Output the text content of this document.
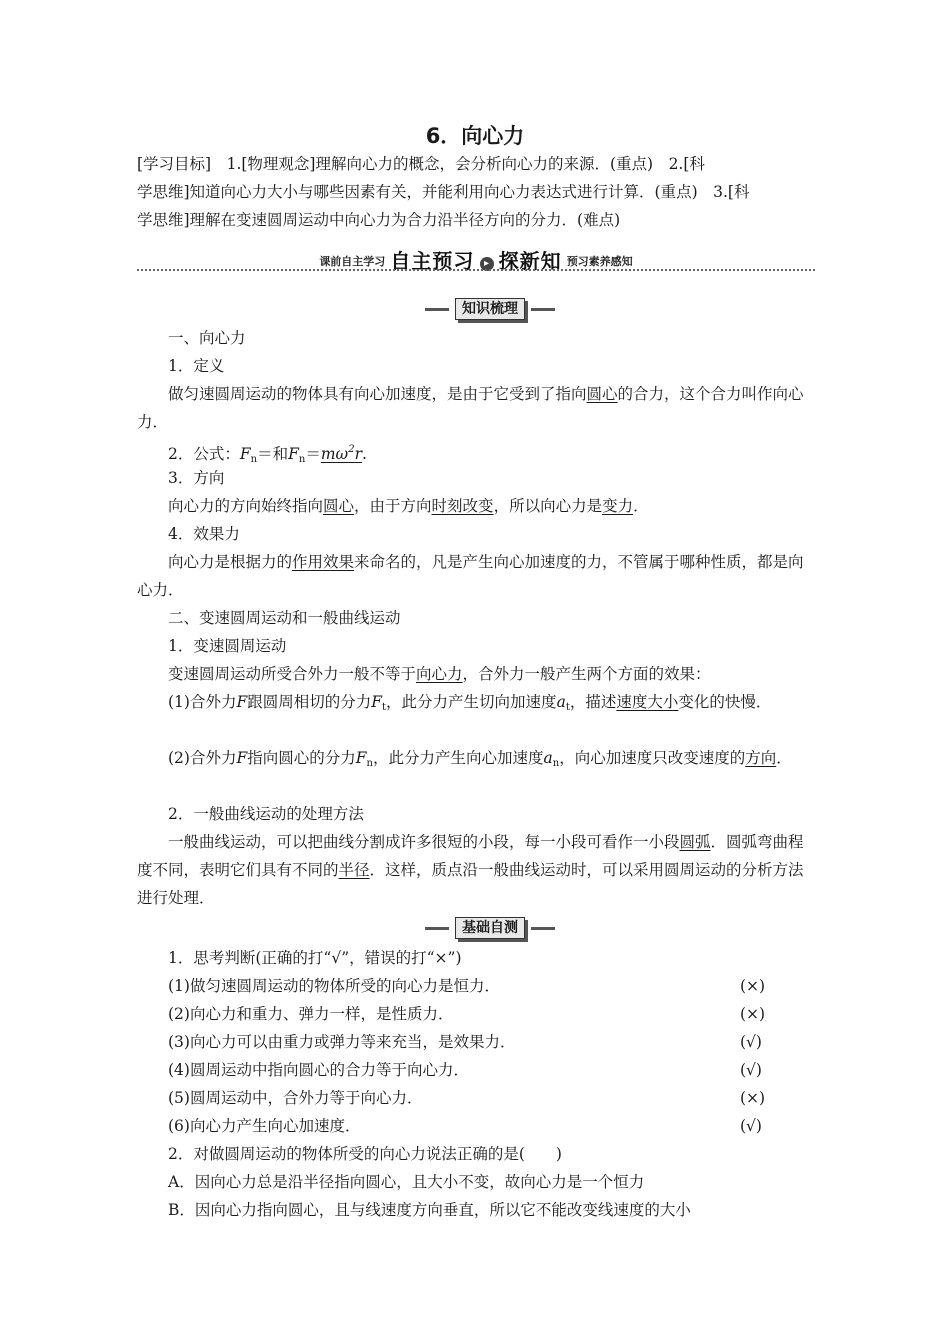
6．向心力
[学习目标]　1.[物理观念]理解向心力的概念，会分析向心力的来源．(重点)　2.[科
学思维]知道向心力大小与哪些因素有关，并能利用向心力表达式进行计算．(重点)　3.[科
学思维]理解在变速圆周运动中向心力为合力沿半径方向的分力．(难点)
课前自主学习 自主预习 ▸ 探新知 预习素养感知
知识梳理
一、向心力
1．定义

做匀速圆周运动的物体具有向心加速度，是由于它受到了指向圆心的合力，这个合力叫作向心力．

2．公式：$F_n=$和$F_n=m\omega^2r$.

3．方向

向心力的方向始终指向圆心，由于方向时刻改变，所以向心力是变力．

4．效果力

向心力是根据力的作用效果来命名的，凡是产生向心加速度的力，不管属于哪种性质，都是向心力．

二、变速圆周运动和一般曲线运动
1．变速圆周运动

变速圆周运动所受合外力一般不等于向心力，合外力一般产生两个方面的效果：

(1)合外力F跟圆周相切的分力$F_t$，此分力产生切向加速度$a_t$，描述速度大小变化的快慢．

(2)合外力F指向圆心的分力$F_n$，此分力产生向心加速度$a_n$，向心加速度只改变速度的方向．

2．一般曲线运动的处理方法

一般曲线运动，可以把曲线分割成许多很短的小段，每一小段可看作一小段圆弧．圆弧弯曲程度不同，表明它们具有不同的半径．这样，质点沿一般曲线运动时，可以采用圆周运动的分析方法进行处理．

基础自测
1．思考判断(正确的打“√”，错误的打“×”)
(1)做匀速圆周运动的物体所受的向心力是恒力．	(×)
(2)向心力和重力、弹力一样，是性质力．	(×)
(3)向心力可以由重力或弹力等来充当，是效果力．	(√)
(4)圆周运动中指向圆心的合力等于向心力．	(√)
(5)圆周运动中，合外力等于向心力．	(×)
(6)向心力产生向心加速度．	(√)
2．对做圆周运动的物体所受的向心力说法正确的是(　　)
A．因向心力总是沿半径指向圆心，且大小不变，故向心力是一个恒力
B．因向心力指向圆心，且与线速度方向垂直，所以它不能改变线速度的大小
